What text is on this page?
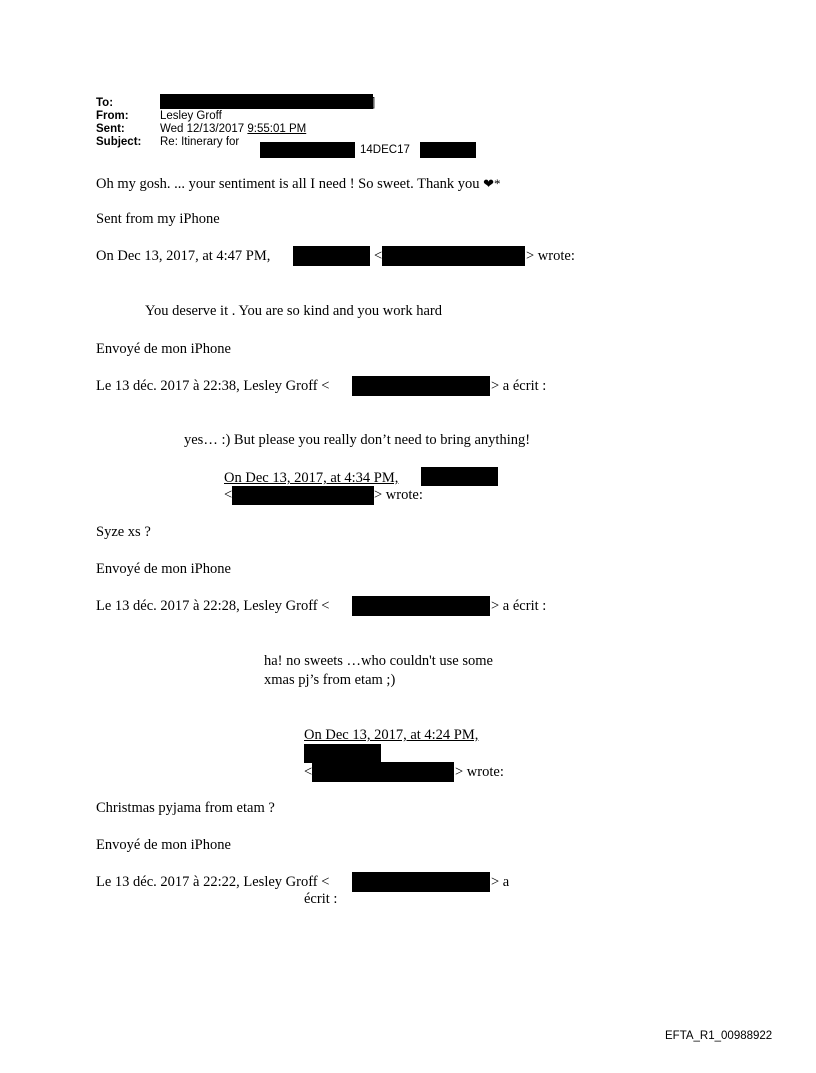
To:	]
From:	Lesley Groff
Sent:	Wed 12/13/2017 9:55:01 PM
Subject: Re: Itinerary for
14DEC17
Oh my gosh. ... your sentiment is all I need ! So sweet. Thank you ❤*
Sent from my iPhone
On Dec 13, 2017, at 4:47 PM,	<	> wrote:
You deserve it . You are so kind and you work hard
Envoyé de mon iPhone
Le 13 déc. 2017 à 22:38, Lesley Groff <	> a écrit :
yes… :) But please you really don’t need to bring anything!
On Dec 13, 2017, at 4:34 PM,
<	> wrote:
Syze xs ?
Envoyé de mon iPhone
Le 13 déc. 2017 à 22:28, Lesley Groff <	> a écrit :
ha! no sweets …who couldn't use some
xmas pj’s from etam ;)
On Dec 13, 2017, at 4:24 PM,
<	> wrote:
Christmas pyjama from etam ?
Envoyé de mon iPhone
Le 13 déc. 2017 à 22:22, Lesley Groff <	> a
écrit :
EFTA_R1_00988922
